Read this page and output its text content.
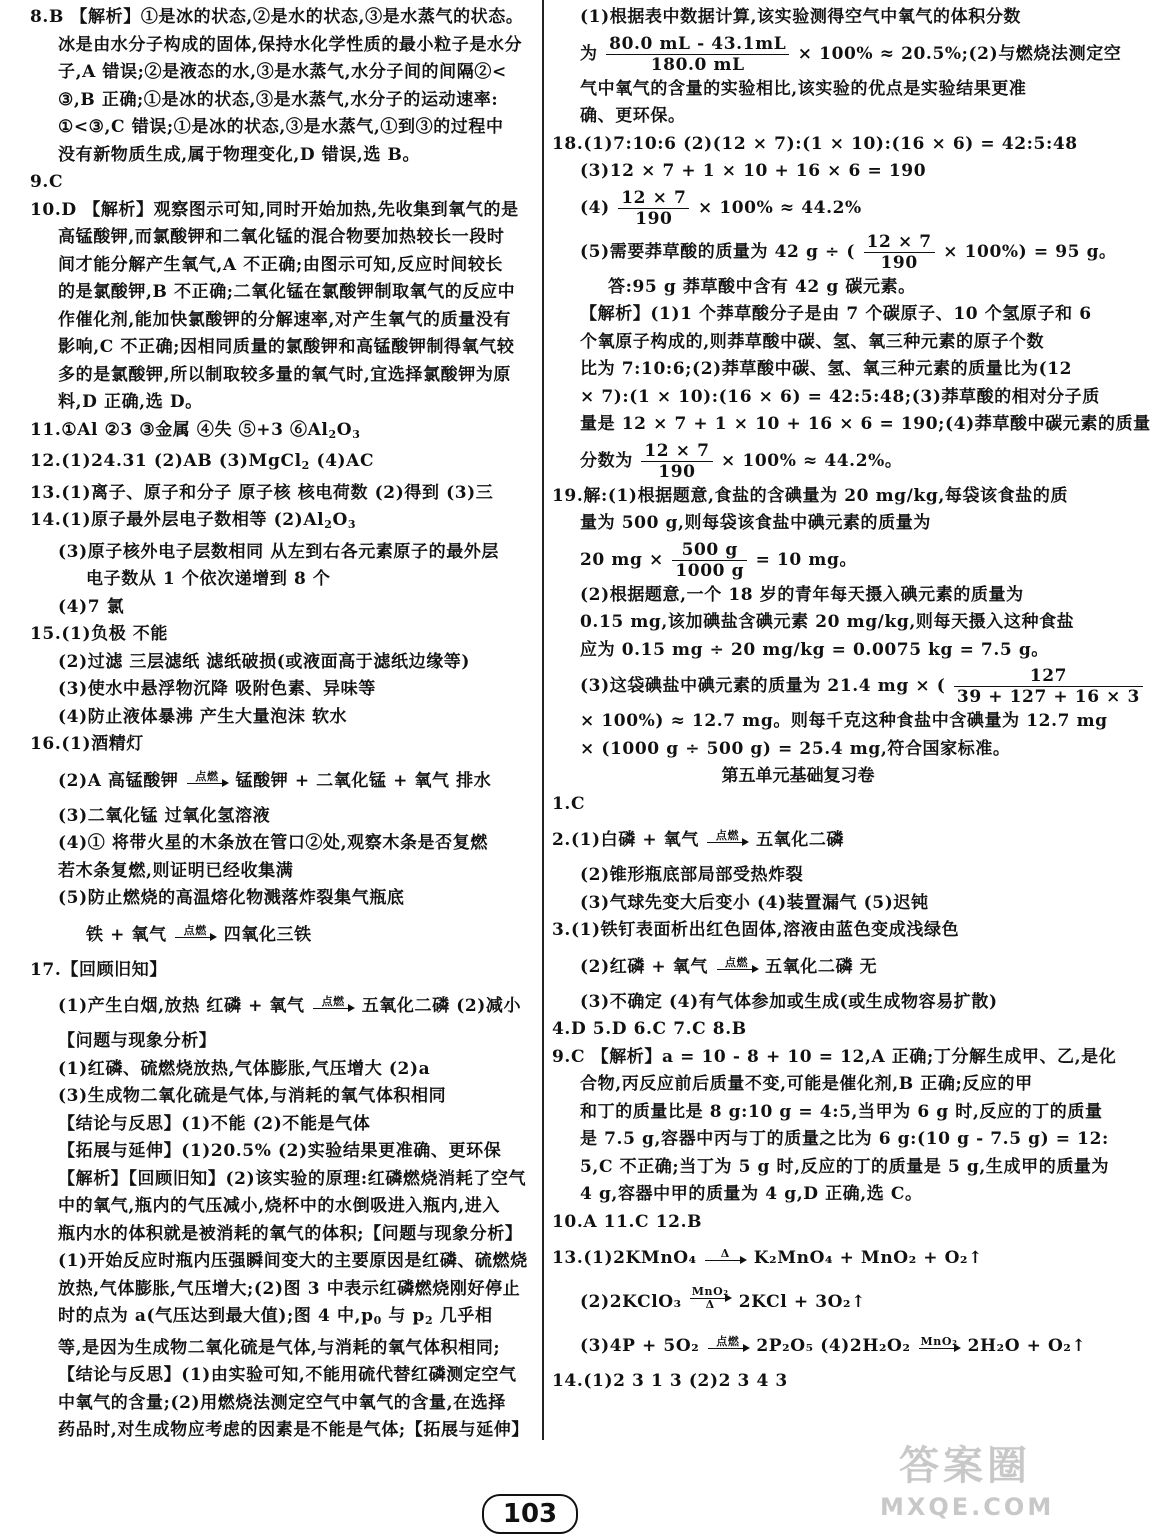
8.B 【解析】①是冰的状态,②是水的状态,③是水蒸气的状态。
冰是由水分子构成的固体,保持水化学性质的最小粒子是水分
子,A 错误;②是液态的水,③是水蒸气,水分子间的间隔②<
③,B 正确;①是冰的状态,③是水蒸气,水分子的运动速率:
①<③,C 错误;①是冰的状态,③是水蒸气,①到③的过程中
没有新物质生成,属于物理变化,D 错误,选 B。
9.C
10.D 【解析】观察图示可知,同时开始加热,先收集到氧气的是
高锰酸钾,而氯酸钾和二氧化锰的混合物要加热较长一段时
间才能分解产生氧气,A 不正确;由图示可知,反应时间较长
的是氯酸钾,B 不正确;二氧化锰在氯酸钾制取氧气的反应中
作催化剂,能加快氯酸钾的分解速率,对产生氧气的质量没有
影响,C 不正确;因相同质量的氯酸钾和高锰酸钾制得氧气较
多的是氯酸钾,所以制取较多量的氧气时,宜选择氯酸钾为原
料,D 正确,选 D。
11.①Al ②3 ③金属 ④失 ⑤+3 $⑥Al_2O_3$
12.(1)24.31 (2)AB (3)MgCl$_2$ (4)AC
13.(1)离子、原子和分子 原子核 核电荷数 (2)得到 (3)三
14.(1)原子最外层电子数相等 $(2)Al_2O_3$
(3)原子核外电子层数相同 从左到右各元素原子的最外层
电子数从 1 个依次递增到 8 个
(4)7 氯
15.(1)负极 不能
(2)过滤 三层滤纸 滤纸破损(或液面高于滤纸边缘等)
(3)使水中悬浮物沉降 吸附色素、异味等
(4)防止液体暴沸 产生大量泡沫 软水
16.(1)酒精灯
(2)A 高锰酸钾	点燃 锰酸钾 + 二氧化锰 + 氧气 排水
(3)二氧化锰 过氧化氢溶液
(4)① 将带火星的木条放在管口②处,观察木条是否复燃
若木条复燃,则证明已经收集满
(5)防止燃烧的高温熔化物溅落炸裂集气瓶底
铁 + 氧气	点燃 四氧化三铁
17.【回顾旧知】
(1)产生白烟,放热 红磷 + 氧气	点燃 五氧化二磷 (2)减小
【问题与现象分析】
(1)红磷、硫燃烧放热,气体膨胀,气压增大 (2)a
(3)生成物二氧化硫是气体,与消耗的氧气体积相同
【结论与反思】(1)不能 (2)不能是气体
【拓展与延伸】(1)20.5% (2)实验结果更准确、更环保
【解析】【回顾旧知】(2)该实验的原理:红磷燃烧消耗了空气
中的氧气,瓶内的气压减小,烧杯中的水倒吸进入瓶内,进入
瓶内水的体积就是被消耗的氧气的体积;【问题与现象分析】
(1)开始反应时瓶内压强瞬间变大的主要原因是红磷、硫燃烧
放热,气体膨胀,气压增大;(2)图 3 中表示红磷燃烧刚好停止
时的点为 a(气压达到最大值);图 4 中$,p_0$ 与 $p_2$ 几乎相
等,是因为生成物二氧化硫是气体,与消耗的氧气体积相同;
【结论与反思】(1)由实验可知,不能用硫代替红磷测定空气
中氧气的含量;(2)用燃烧法测定空气中氧气的含量,在选择
药品时,对生成物应考虑的因素是不能是气体;【拓展与延伸】
(1)根据表中数据计算,该实验测得空气中氧气的体积分数
为 $\frac{80.0 mL - 43.1mL}{180.0 mL} \times 100\%$ ≈ 20.5%;(2)与燃烧法测定空
气中氧气的含量的实验相比,该实验的优点是实验结果更准
确、更环保。
18.(1)7:10:6 (2)(12 × 7):(1 × 10):(16 × 6) = 42:5:48
(3)12 × 7 + 1 × 10 + 16 × 6 = 190
$(4) \frac{12 \times 7}{190} \times 100\% \approx 44.2\%$
(5)需要莽草酸的质量为 42 g ÷ ( $\frac{12 \times 7}{190} \times 100\%) = 95$ g。
答:95 g 莽草酸中含有 42 g 碳元素。
【解析】(1)1 个莽草酸分子是由 7 个碳原子、10 个氢原子和 6
个氧原子构成的,则莽草酸中碳、氢、氧三种元素的原子个数
比为 7:10:6;(2)莽草酸中碳、氢、氧三种元素的质量比为(12
× 7):(1 × 10):(16 × 6) = 42:5:48;(3)莽草酸的相对分子质
量是 12 × 7 + 1 × 10 + 16 × 6 = 190;(4)莽草酸中碳元素的质量
分数为 $\frac{12 \times 7}{190} \times 100\% \approx 44.2\%$。
19.解:(1)根据题意,食盐的含碘量为 20 mg/kg,每袋该食盐的质
量为 500 g,则每袋该食盐中碘元素的质量为
20 mg × $\frac{500 g}{1000 g} = 10$ mg。
(2)根据题意,一个 18 岁的青年每天摄入碘元素的质量为
0.15 mg,该加碘盐含碘元素 20 mg/kg,则每天摄入这种食盐
应为 0.15 mg ÷ 20 mg/kg = 0.0075 kg = 7.5 g。
(3)这袋碘盐中碘元素的质量为 21.4 mg × ( $\frac{127}{39 + 127 + 16 \times 3}$
× 100%) ≈ 12.7 mg。则每千克这种食盐中含碘量为 12.7 mg
× (1000 g ÷ 500 g) = 25.4 mg,符合国家标准。
第五单元基础复习卷
1.C
2.(1)白磷 + 氧气	点燃 五氧化二磷
(2)锥形瓶底部局部受热炸裂
(3)气球先变大后变小 (4)装置漏气 (5)迟钝
3.(1)铁钉表面析出红色固体,溶液由蓝色变成浅绿色
(2)红磷 + 氧气	点燃 五氧化二磷 无
(3)不确定 (4)有气体参加或生成(或生成物容易扩散)
4.D 5.D 6.C 7.C 8.B
9.C 【解析】a = 10 - 8 + 10 = 12,A 正确;丁分解生成甲、乙,是化
合物,丙反应前后质量不变,可能是催化剂,B 正确;反应的甲
和丁的质量比是 8 g:10 g = 4:5,当甲为 6 g 时,反应的丁的质量
是 7.5 g,容器中丙与丁的质量之比为 6 g:(10 g - 7.5 g) = 12:
5,C 不正确;当丁为 5 g 时,反应的丁的质量是 5 g,生成甲的质量为
4 g,容器中甲的质量为 4 g,D 正确,选 C。
10.A 11.C 12.B
13.(1)2KMnO₄	Δ	K₂MnO₄ + MnO₂ + O₂↑
(2)2KClO₃
MnO₂
Δ	2KCl + 3O₂↑
(3)4P + 5O₂	点燃 2P₂O₅ (4)2H₂O₂ MnO₂ 2H₂O + O₂↑
14.(1)2 3 1 3 (2)2 3 4 3
103
答案圈
MXQE.COM
